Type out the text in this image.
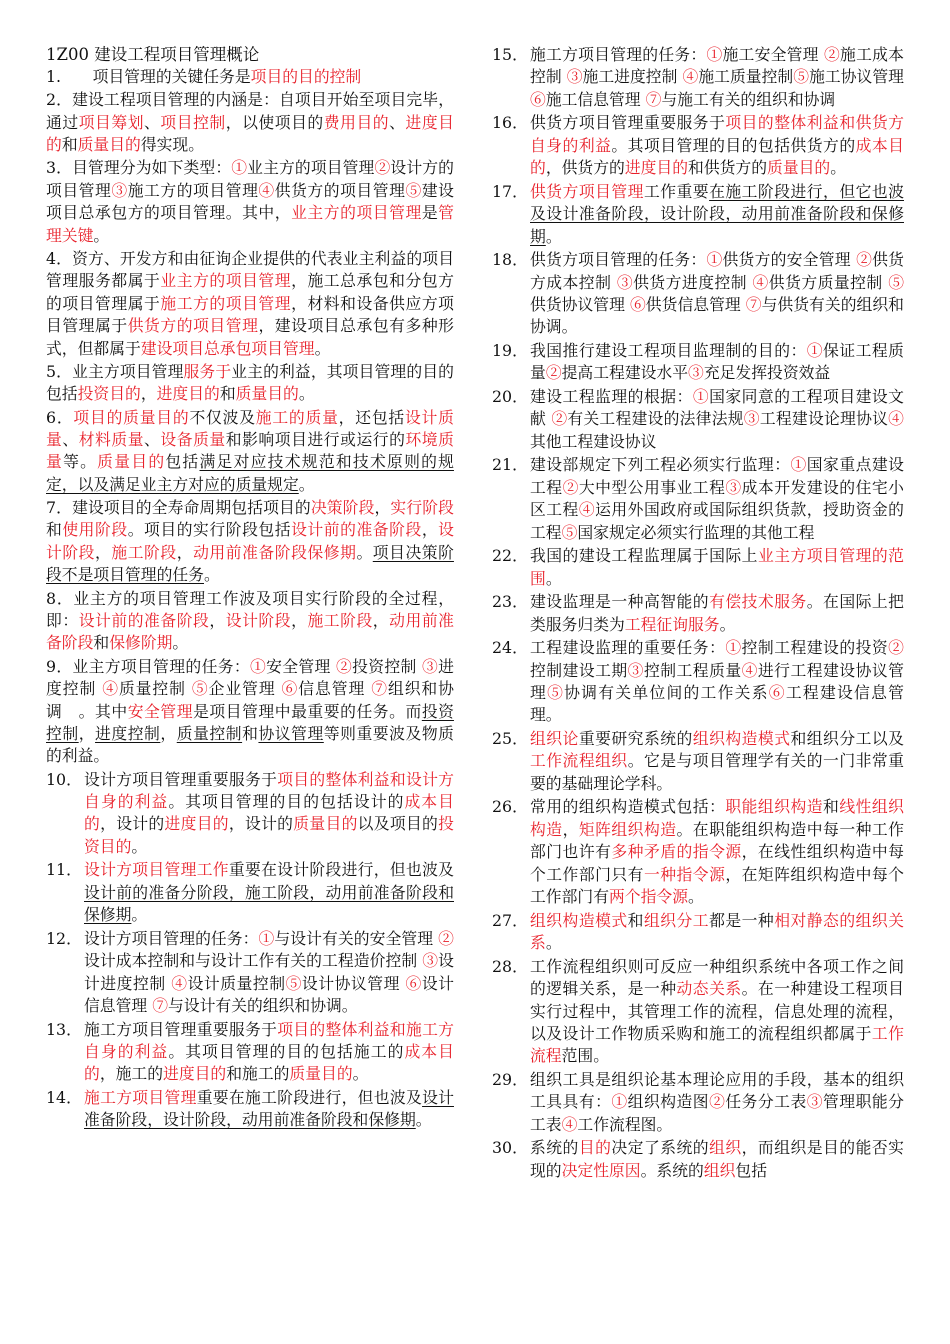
1Z00 建设工程项目管理概论
1.　　项目管理的关键任务是项目的目的控制
2．建设工程项目管理的内涵是：自项目开始至项目完毕，通过项目筹划、项目控制，以使项目的费用目的、进度目的和质量目的得实现。
3．目管理分为如下类型：①业主方的项目管理②设计方的项目管理③施工方的项目管理④供货方的项目管理⑤建设项目总承包方的项目管理。其中，业主方的项目管理是管理关键。
4．资方、开发方和由征询企业提供的代表业主利益的项目管理服务都属于业主方的项目管理，施工总承包和分包方的项目管理属于施工方的项目管理，材料和设备供应方项目管理属于供货方的项目管理，建设项目总承包有多种形式，但都属于建设项目总承包项目管理。
5．业主方项目管理服务于业主的利益，其项目管理的目的包括投资目的，进度目的和质量目的。
6．项目的质量目的不仅波及施工的质量，还包括设计质量、材料质量、设备质量和影响项目进行或运行的环境质量等。质量目的包括满足对应技术规范和技术原则的规定，以及满足业主方对应的质量规定。
7．建设项目的全寿命周期包括项目的决策阶段，实行阶段和使用阶段。项目的实行阶段包括设计前的准备阶段，设计阶段，施工阶段，动用前准备阶段保修期。项目决策阶段不是项目管理的任务。
8．业主方的项目管理工作波及项目实行阶段的全过程，即：设计前的准备阶段，设计阶段，施工阶段，动用前准备阶段和保修阶期。
9．业主方项目管理的任务：①安全管理 ②投资控制 ③进度控制 ④质量控制 ⑤企业管理 ⑥信息管理 ⑦组织和协调　。其中安全管理是项目管理中最重要的任务。而投资控制，进度控制，质量控制和协议管理等则重要波及物质的利益。
10． 设计方项目管理重要服务于项目的整体利益和设计方自身的利益。其项目管理的目的包括设计的成本目的，设计的进度目的，设计的质量目的以及项目的投资目的。
11． 设计方项目管理工作重要在设计阶段进行，但也波及设计前的准备分阶段，施工阶段，动用前准备阶段和保修期。
12． 设计方项目管理的任务：①与设计有关的安全管理 ②设计成本控制和与设计工作有关的工程造价控制 ③设计进度控制 ④设计质量控制⑤设计协议管理 ⑥设计信息管理 ⑦与设计有关的组织和协调。
13． 施工方项目管理重要服务于项目的整体利益和施工方自身的利益。其项目管理的目的包括施工的成本目的，施工的进度目的和施工的质量目的。
14． 施工方项目管理重要在施工阶段进行，但也波及设计准备阶段，设计阶段，动用前准备阶段和保修期。
15． 施工方项目管理的任务：①施工安全管理 ②施工成本控制 ③施工进度控制 ④施工质量控制⑤施工协议管理 ⑥施工信息管理 ⑦与施工有关的组织和协调
16． 供货方项目管理重要服务于项目的整体利益和供货方自身的利益。其项目管理的目的包括供货方的成本目的，供货方的进度目的和供货方的质量目的。
17． 供货方项目管理工作重要在施工阶段进行，但它也波及设计准备阶段，设计阶段，动用前准备阶段和保修期。
18． 供货方项目管理的任务：①供货方的安全管理 ②供货方成本控制 ③供货方进度控制 ④供货方质量控制 ⑤供货协议管理 ⑥供货信息管理 ⑦与供货有关的组织和协调。
19． 我国推行建设工程项目监理制的目的：①保证工程质量②提高工程建设水平③充足发挥投资效益
20． 建设工程监理的根据：①国家同意的工程项目建设文献 ②有关工程建设的法律法规③工程建设论理协议④其他工程建设协议
21． 建设部规定下列工程必须实行监理：①国家重点建设工程②大中型公用事业工程③成本开发建设的住宅小区工程④运用外国政府或国际组织货款，授助资金的工程⑤国家规定必须实行监理的其他工程
22． 我国的建设工程监理属于国际上业主方项目管理的范围。
23． 建设监理是一种高智能的有偿技术服务。在国际上把类服务归类为工程征询服务。
24． 工程建设监理的重要任务：①控制工程建设的投资②控制建设工期③控制工程质量④进行工程建设协议管理⑤协调有关单位间的工作关系⑥工程建设信息管理。
25． 组织论重要研究系统的组织构造模式和组织分工以及工作流程组织。它是与项目管理学有关的一门非常重要的基础理论学科。
26． 常用的组织构造模式包括：职能组织构造和线性组织构造，矩阵组织构造。在职能组织构造中每一种工作部门也许有多种矛盾的指令源，在线性组织构造中每个工作部门只有一种指令源，在矩阵组织构造中每个工作部门有两个指令源。
27． 组织构造模式和组织分工都是一种相对静态的组织关系。
28． 工作流程组织则可反应一种组织系统中各项工作之间的逻辑关系，是一种动态关系。在一种建设工程项目实行过程中，其管理工作的流程，信息处理的流程，以及设计工作物质采购和施工的流程组织都属于工作流程范围。
29． 组织工具是组织论基本理论应用的手段，基本的组织工具具有：①组织构造图②任务分工表③管理职能分工表④工作流程图。
30． 系统的目的决定了系统的组织，而组织是目的能否实现的决定性原因。系统的组织包括
